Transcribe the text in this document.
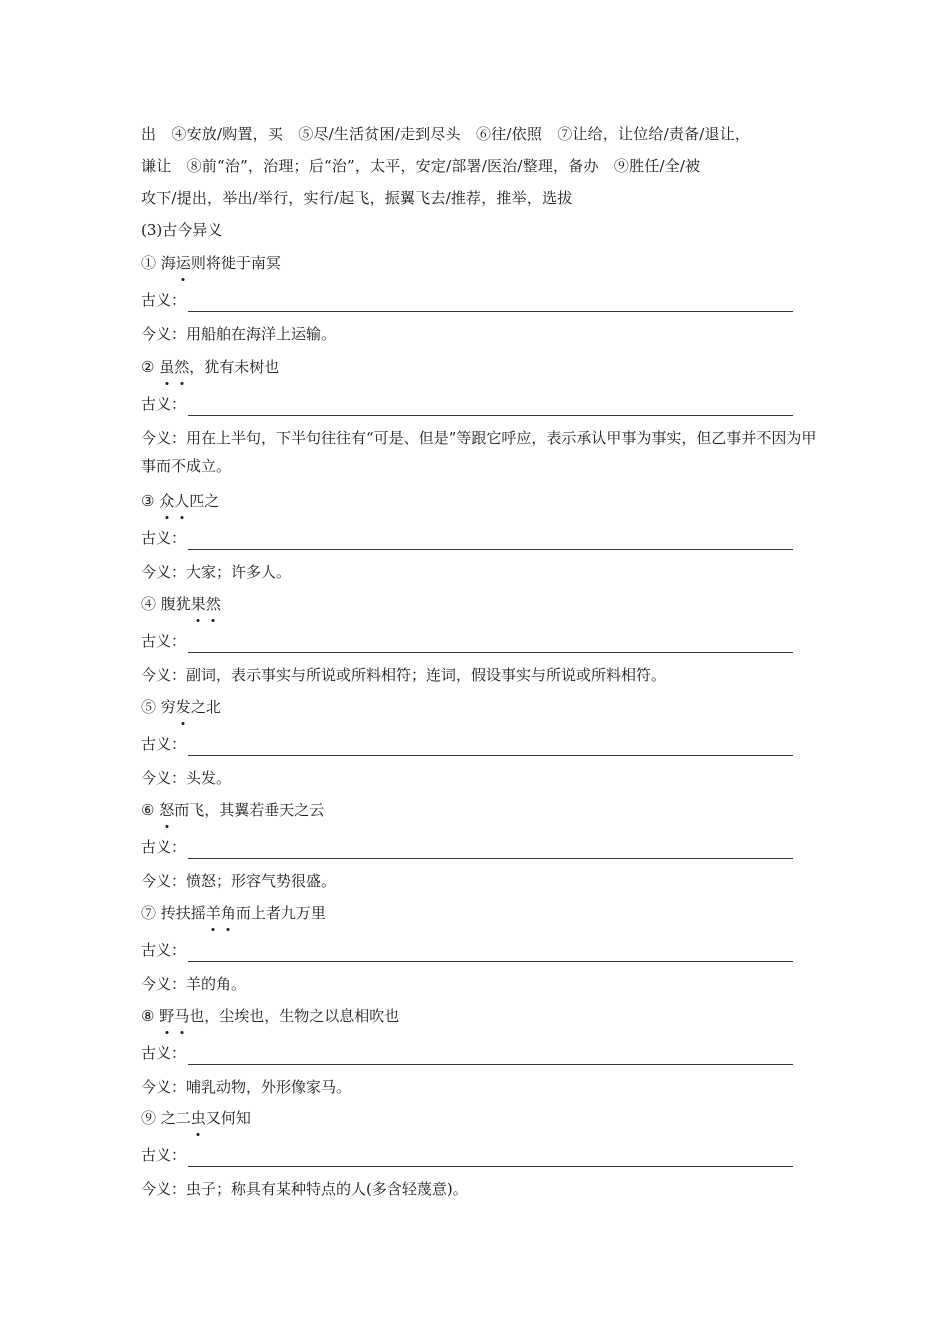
出　④安放/购置，买　⑤尽/生活贫困/走到尽头　⑥往/依照　⑦让给，让位给/责备/退让，

谦让　⑧前“治”，治理；后“治”，太平，安定/部署/医治/整理，备办　⑨胜任/全/被

攻下/提出，举出/举行，实行/起飞，振翼飞去/推荐，推举，选拔

(3)古今异义
① 海运则将徙于南冥
古义：
今义：用船舶在海洋上运输。
② 虽然，犹有未树也
古义：
今义：用在上半句，下半句往往有“可是、但是”等跟它呼应，表示承认甲事为事实，但乙事并不因为甲事而不成立。
③ 众人匹之
古义：
今义：大家；许多人。
④ 腹犹果然
古义：
今义：副词，表示事实与所说或所料相符；连词，假设事实与所说或所料相符。
⑤ 穷发之北
古义：
今义：头发。
⑥ 怒而飞，其翼若垂天之云
古义：
今义：愤怒；形容气势很盛。
⑦ 抟扶摇羊角而上者九万里
古义：
今义：羊的角。
⑧ 野马也，尘埃也，生物之以息相吹也
古义：
今义：哺乳动物，外形像家马。
⑨ 之二虫又何知
古义：
今义：虫子；称具有某种特点的人(多含轻蔑意)。
